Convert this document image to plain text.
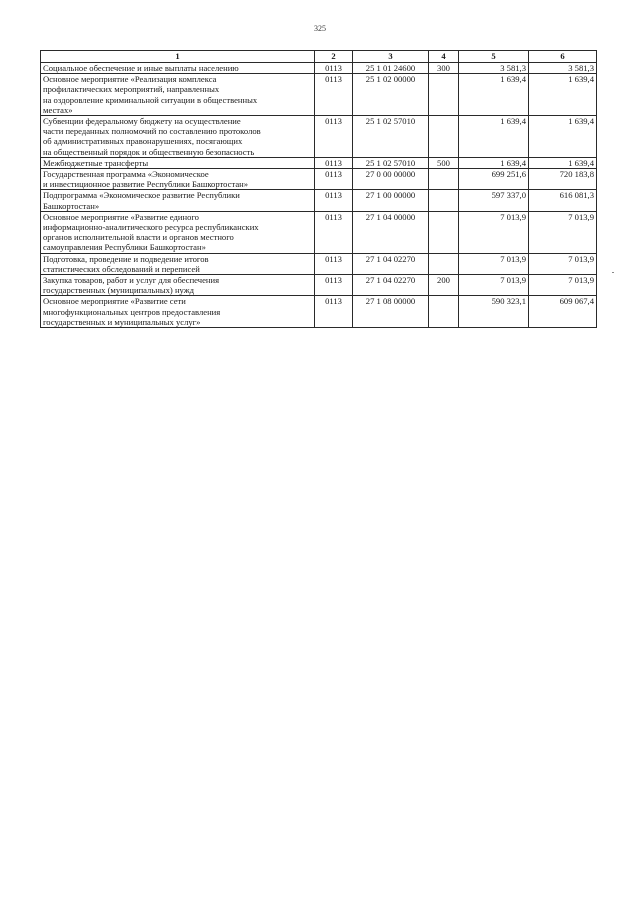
325
1	2	3	4	5	6
Социальное обеспечение и иные выплаты населению	0113	25 1 01 24600	300	3 581,3	3 581,3
Основное мероприятие «Реализация комплекса
профилактических мероприятий, направленных
на оздоровление криминальной ситуации в общественных
местах»	0113	25 1 02 00000		1 639,4	1 639,4
Субвенции федеральному бюджету на осуществление
части переданных полномочий по составлению протоколов
об административных правонарушениях, посягающих
на общественный порядок и общественную безопасность	0113	25 1 02 57010		1 639,4	1 639,4
Межбюджетные трансферты	0113	25 1 02 57010	500	1 639,4	1 639,4
Государственная программа «Экономическое
и инвестиционное развитие Республики Башкортостан»	0113	27 0 00 00000		699 251,6	720 183,8
Подпрограмма «Экономическое развитие Республики
Башкортостан»	0113	27 1 00 00000		597 337,0	616 081,3
Основное мероприятие «Развитие единого
информационно-аналитического ресурса республиканских
органов исполнительной власти и органов местного
самоуправления Республики Башкортостан»	0113	27 1 04 00000		7 013,9	7 013,9
Подготовка, проведение и подведение итогов
статистических обследований и переписей	0113	27 1 04 02270		7 013,9	7 013,9
Закупка товаров, работ и услуг для обеспечения
государственных (муниципальных) нужд	0113	27 1 04 02270	200	7 013,9	7 013,9
Основное мероприятие «Развитие сети
многофункциональных центров предоставления
государственных и муниципальных услуг»	0113	27 1 08 00000		590 323,1	609 067,4
